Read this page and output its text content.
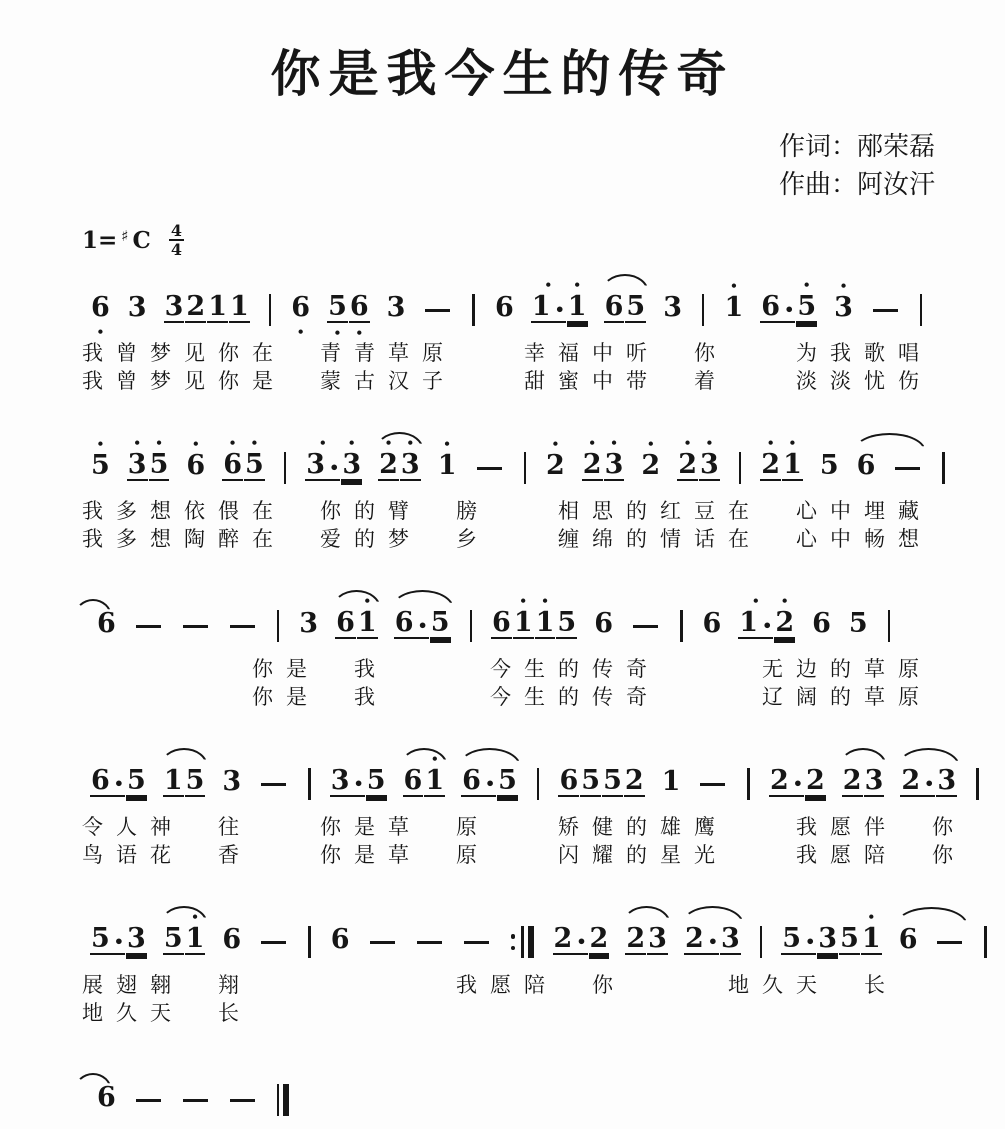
你是我今生的传奇
作词：邴荣磊
作曲：阿汝汗
1= ♯ C $\frac{4}{4}$
6
•
3 3 2 1 1 6
•
5
•
6
•
3	6
•
1 •
•
1 6 5 3
•
1 6 •
•
5
•
3
我曾梦见你在　青青草原　　幸福中听　你　　为我歌唱
我曾梦见你是　蒙古汉子　　甜蜜中带　着　　淡淡忧伤
•
5
•
3
•
5
•
6
•
6
•
5
•
3 •
•
3
•
2
•
3
•
1
•
2
•
2
•
3
•
2
•
2
•
3
•
2
•
1 5 6
我多想依偎在　你的臂　膀　　相思的红豆在　心中埋藏
我多想陶醉在　爱的梦　乡　　缠绵的情话在　心中畅想
6	3 6
•
1 6 • 5 6
•
1
•
1 5 6	6
•
1 •
•
2 6 5
　　　　　你是　我　　　今生的传奇　　　无边的草原
　　　　　你是　我　　　今生的传奇　　　辽阔的草原
6 • 5 1 5 3	3 • 5 6
•
1 6 • 5 6 5 5 2 1	2 • 2 2 3 2 • 3
令人神　往　　你是草　原　　矫健的雄鹰　　我愿伴　你
鸟语花　香　　你是草　原　　闪耀的星光　　我愿陪　你
5 • 3 5
•
1 6	6	2 • 2 2 3 2 • 3 5 • 3 5
•
1 6
展翅翱　翔　　　　　　我愿陪　你　　　地久天　长
地久天　长
6
